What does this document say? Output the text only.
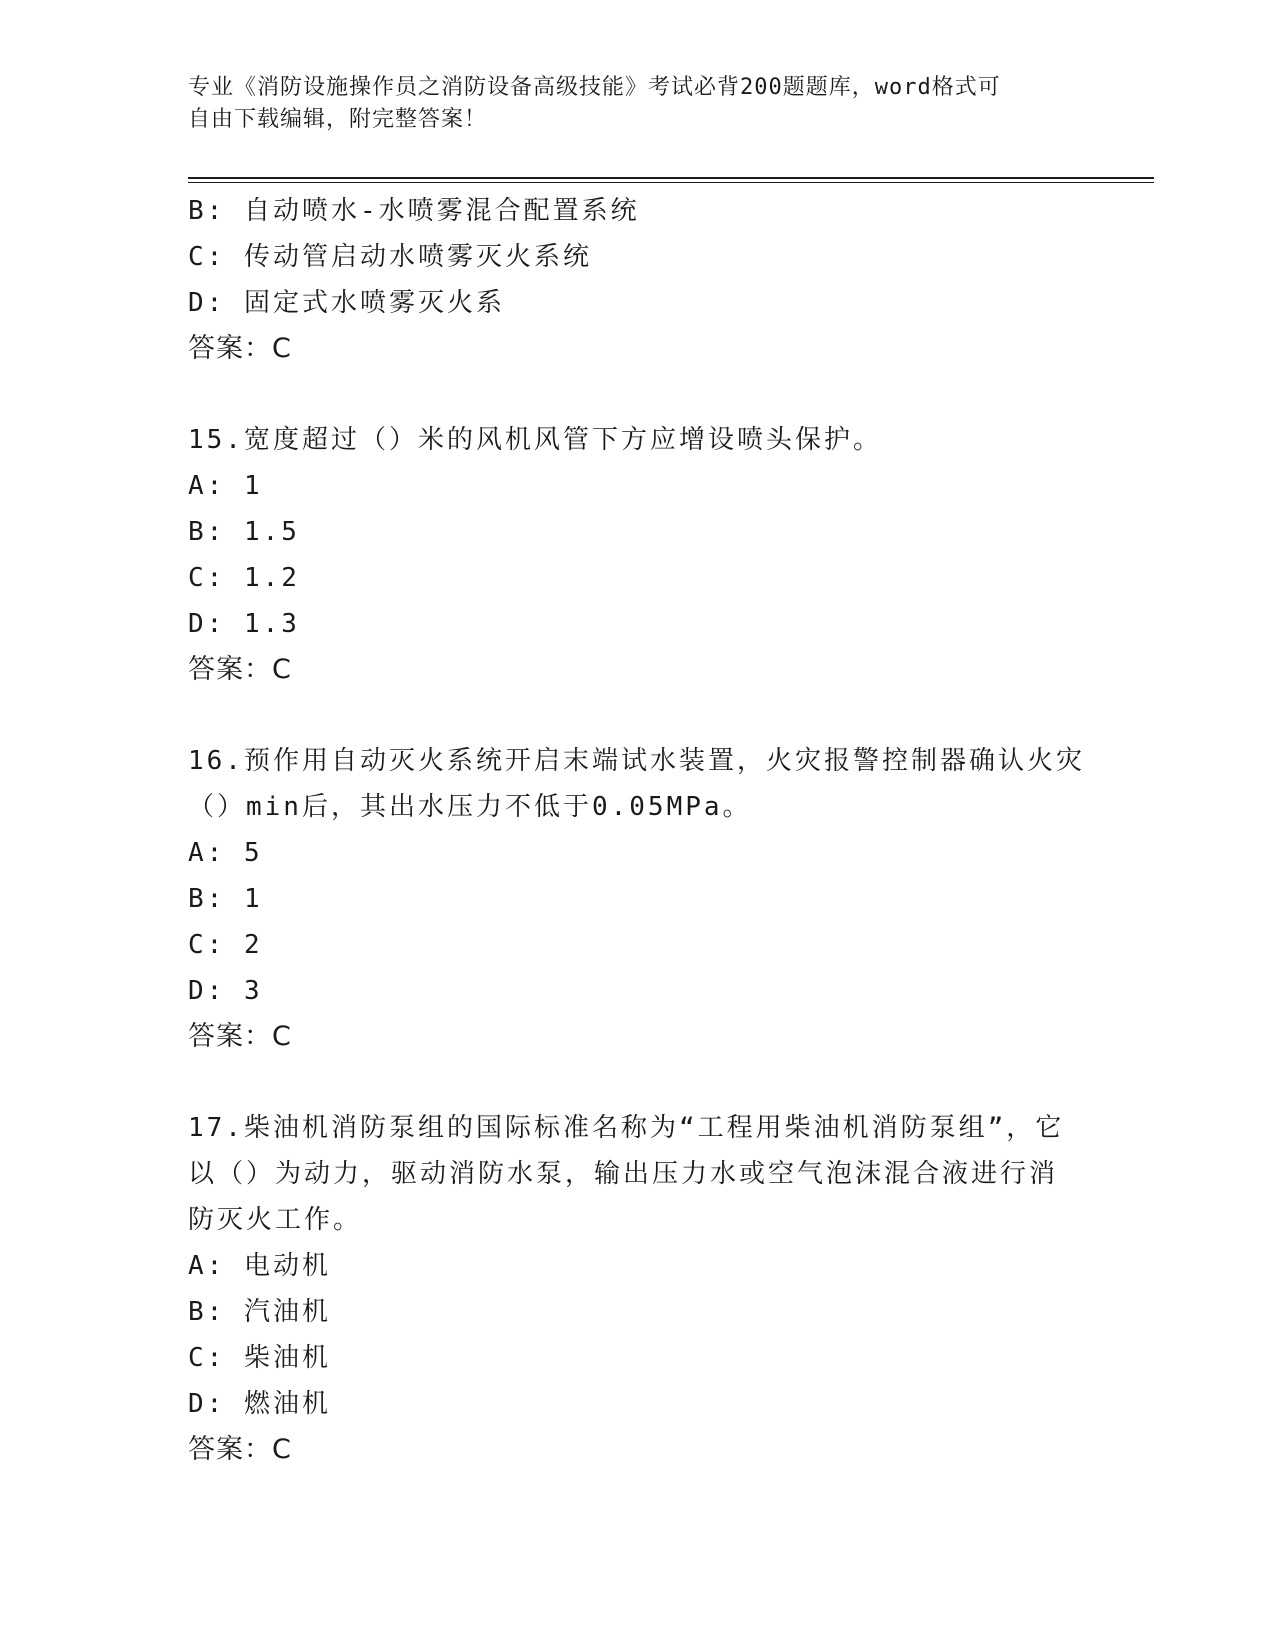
专业《消防设施操作员之消防设备高级技能》考试必背200题题库，word格式可
自由下载编辑，附完整答案！
B: 自动喷水-水喷雾混合配置系统
C: 传动管启动水喷雾灭火系统
D: 固定式水喷雾灭火系
答案：C
15.宽度超过（）米的风机风管下方应增设喷头保护。
A: 1
B: 1.5
C: 1.2
D: 1.3
答案：C
16.预作用自动灭火系统开启末端试水装置，火灾报警控制器确认火灾
（）min后，其出水压力不低于0.05MPa。
A: 5
B: 1
C: 2
D: 3
答案：C
17.柴油机消防泵组的国际标准名称为“工程用柴油机消防泵组”，它
以（）为动力，驱动消防水泵，输出压力水或空气泡沫混合液进行消
防灭火工作。
A: 电动机
B: 汽油机
C: 柴油机
D: 燃油机
答案：C
